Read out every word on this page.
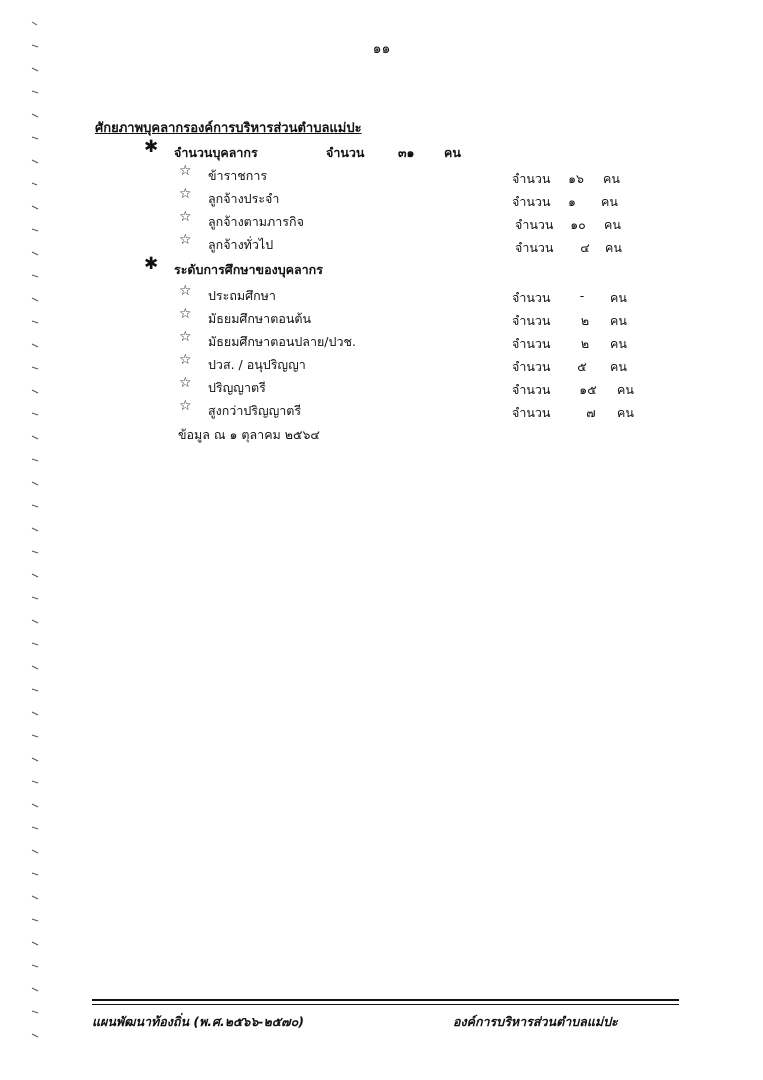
๑๑
ศักยภาพบุคลากรองค์การบริหารส่วนตำบลแม่ปะ
✱ จำนวนบุคลากร	จำนวน	๓๑ คน
☆ ข้าราชการ	จำนวน	๑๖	คน
☆ ลูกจ้างประจำ	จำนวน	๑	คน
☆ ลูกจ้างตามภารกิจ	จำนวน	๑๐	คน
☆ ลูกจ้างทั่วไป	จำนวน	๔	คน
✱ ระดับการศึกษาของบุคลากร
☆ ประถมศึกษา	จำนวน	-	คน
☆ มัธยมศึกษาตอนต้น	จำนวน	๒	คน
☆ มัธยมศึกษาตอนปลาย/ปวช.	จำนวน	๒	คน
☆ ปวส. / อนุปริญญา	จำนวน	๕	คน
☆ ปริญญาตรี	จำนวน	๑๕	คน
☆ สูงกว่าปริญญาตรี	จำนวน	๗	คน
ข้อมูล ณ ๑ ตุลาคม ๒๕๖๔
แผนพัฒนาท้องถิ่น (พ.ศ.๒๕๖๖-๒๕๗๐)	องค์การบริหารส่วนตำบลแม่ปะ
